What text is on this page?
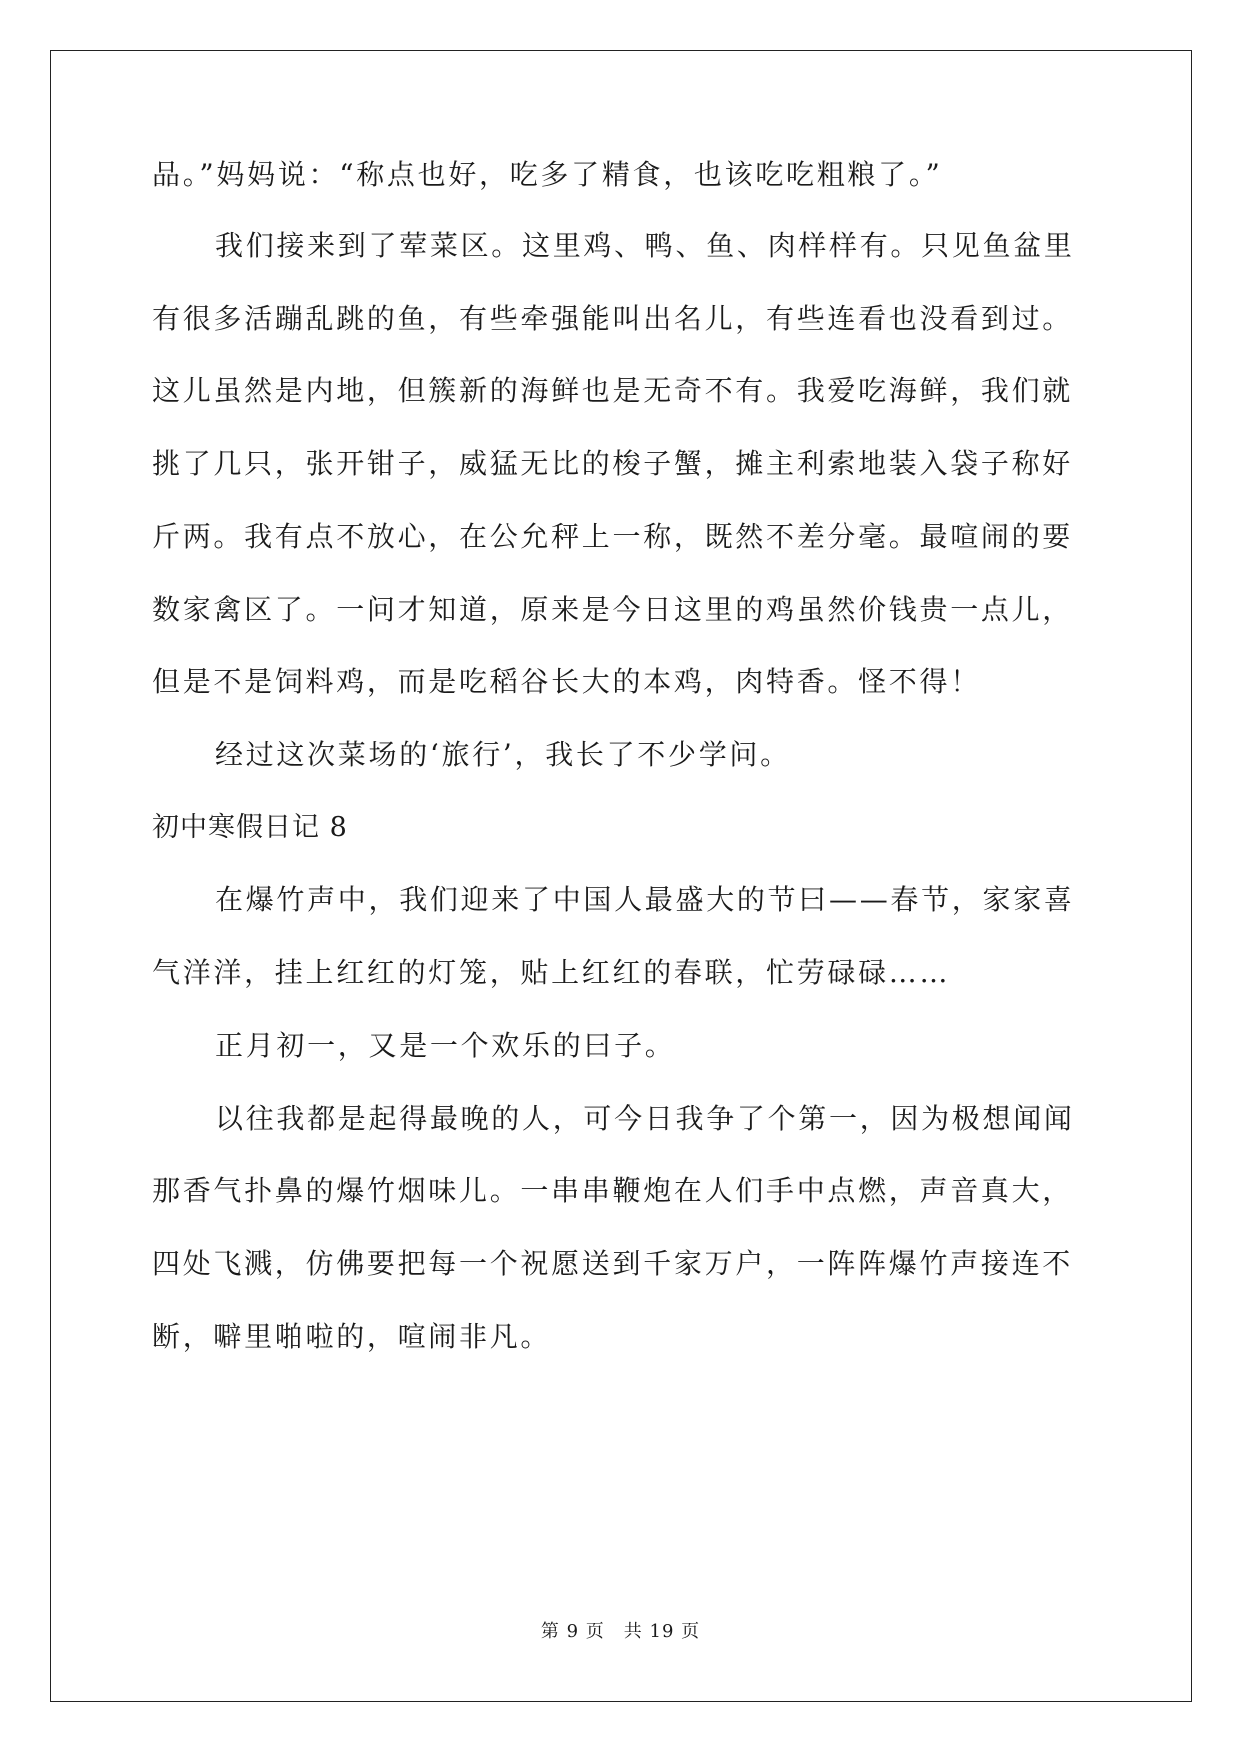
品。”妈妈说：“称点也好，吃多了精食，也该吃吃粗粮了。”
我们接来到了荤菜区。这里鸡、鸭、鱼、肉样样有。只见鱼盆里
有很多活蹦乱跳的鱼，有些牵强能叫出名儿，有些连看也没看到过。
这儿虽然是内地，但簇新的海鲜也是无奇不有。我爱吃海鲜，我们就
挑了几只，张开钳子，威猛无比的梭子蟹，摊主利索地装入袋子称好
斤两。我有点不放心，在公允秤上一称，既然不差分毫。最喧闹的要
数家禽区了。一问才知道，原来是今日这里的鸡虽然价钱贵一点儿，
但是不是饲料鸡，而是吃稻谷长大的本鸡，肉特香。怪不得！
经过这次菜场的‘旅行’，我长了不少学问。
初中寒假日记 8
在爆竹声中，我们迎来了中国人最盛大的节曰——春节，家家喜
气洋洋，挂上红红的灯笼，贴上红红的春联，忙劳碌碌……
正月初一，又是一个欢乐的曰子。
以往我都是起得最晚的人，可今日我争了个第一，因为极想闻闻
那香气扑鼻的爆竹烟味儿。一串串鞭炮在人们手中点燃，声音真大，
四处飞溅，仿佛要把每一个祝愿送到千家万户，一阵阵爆竹声接连不
断，噼里啪啦的，喧闹非凡。
第 9 页　共 19 页
